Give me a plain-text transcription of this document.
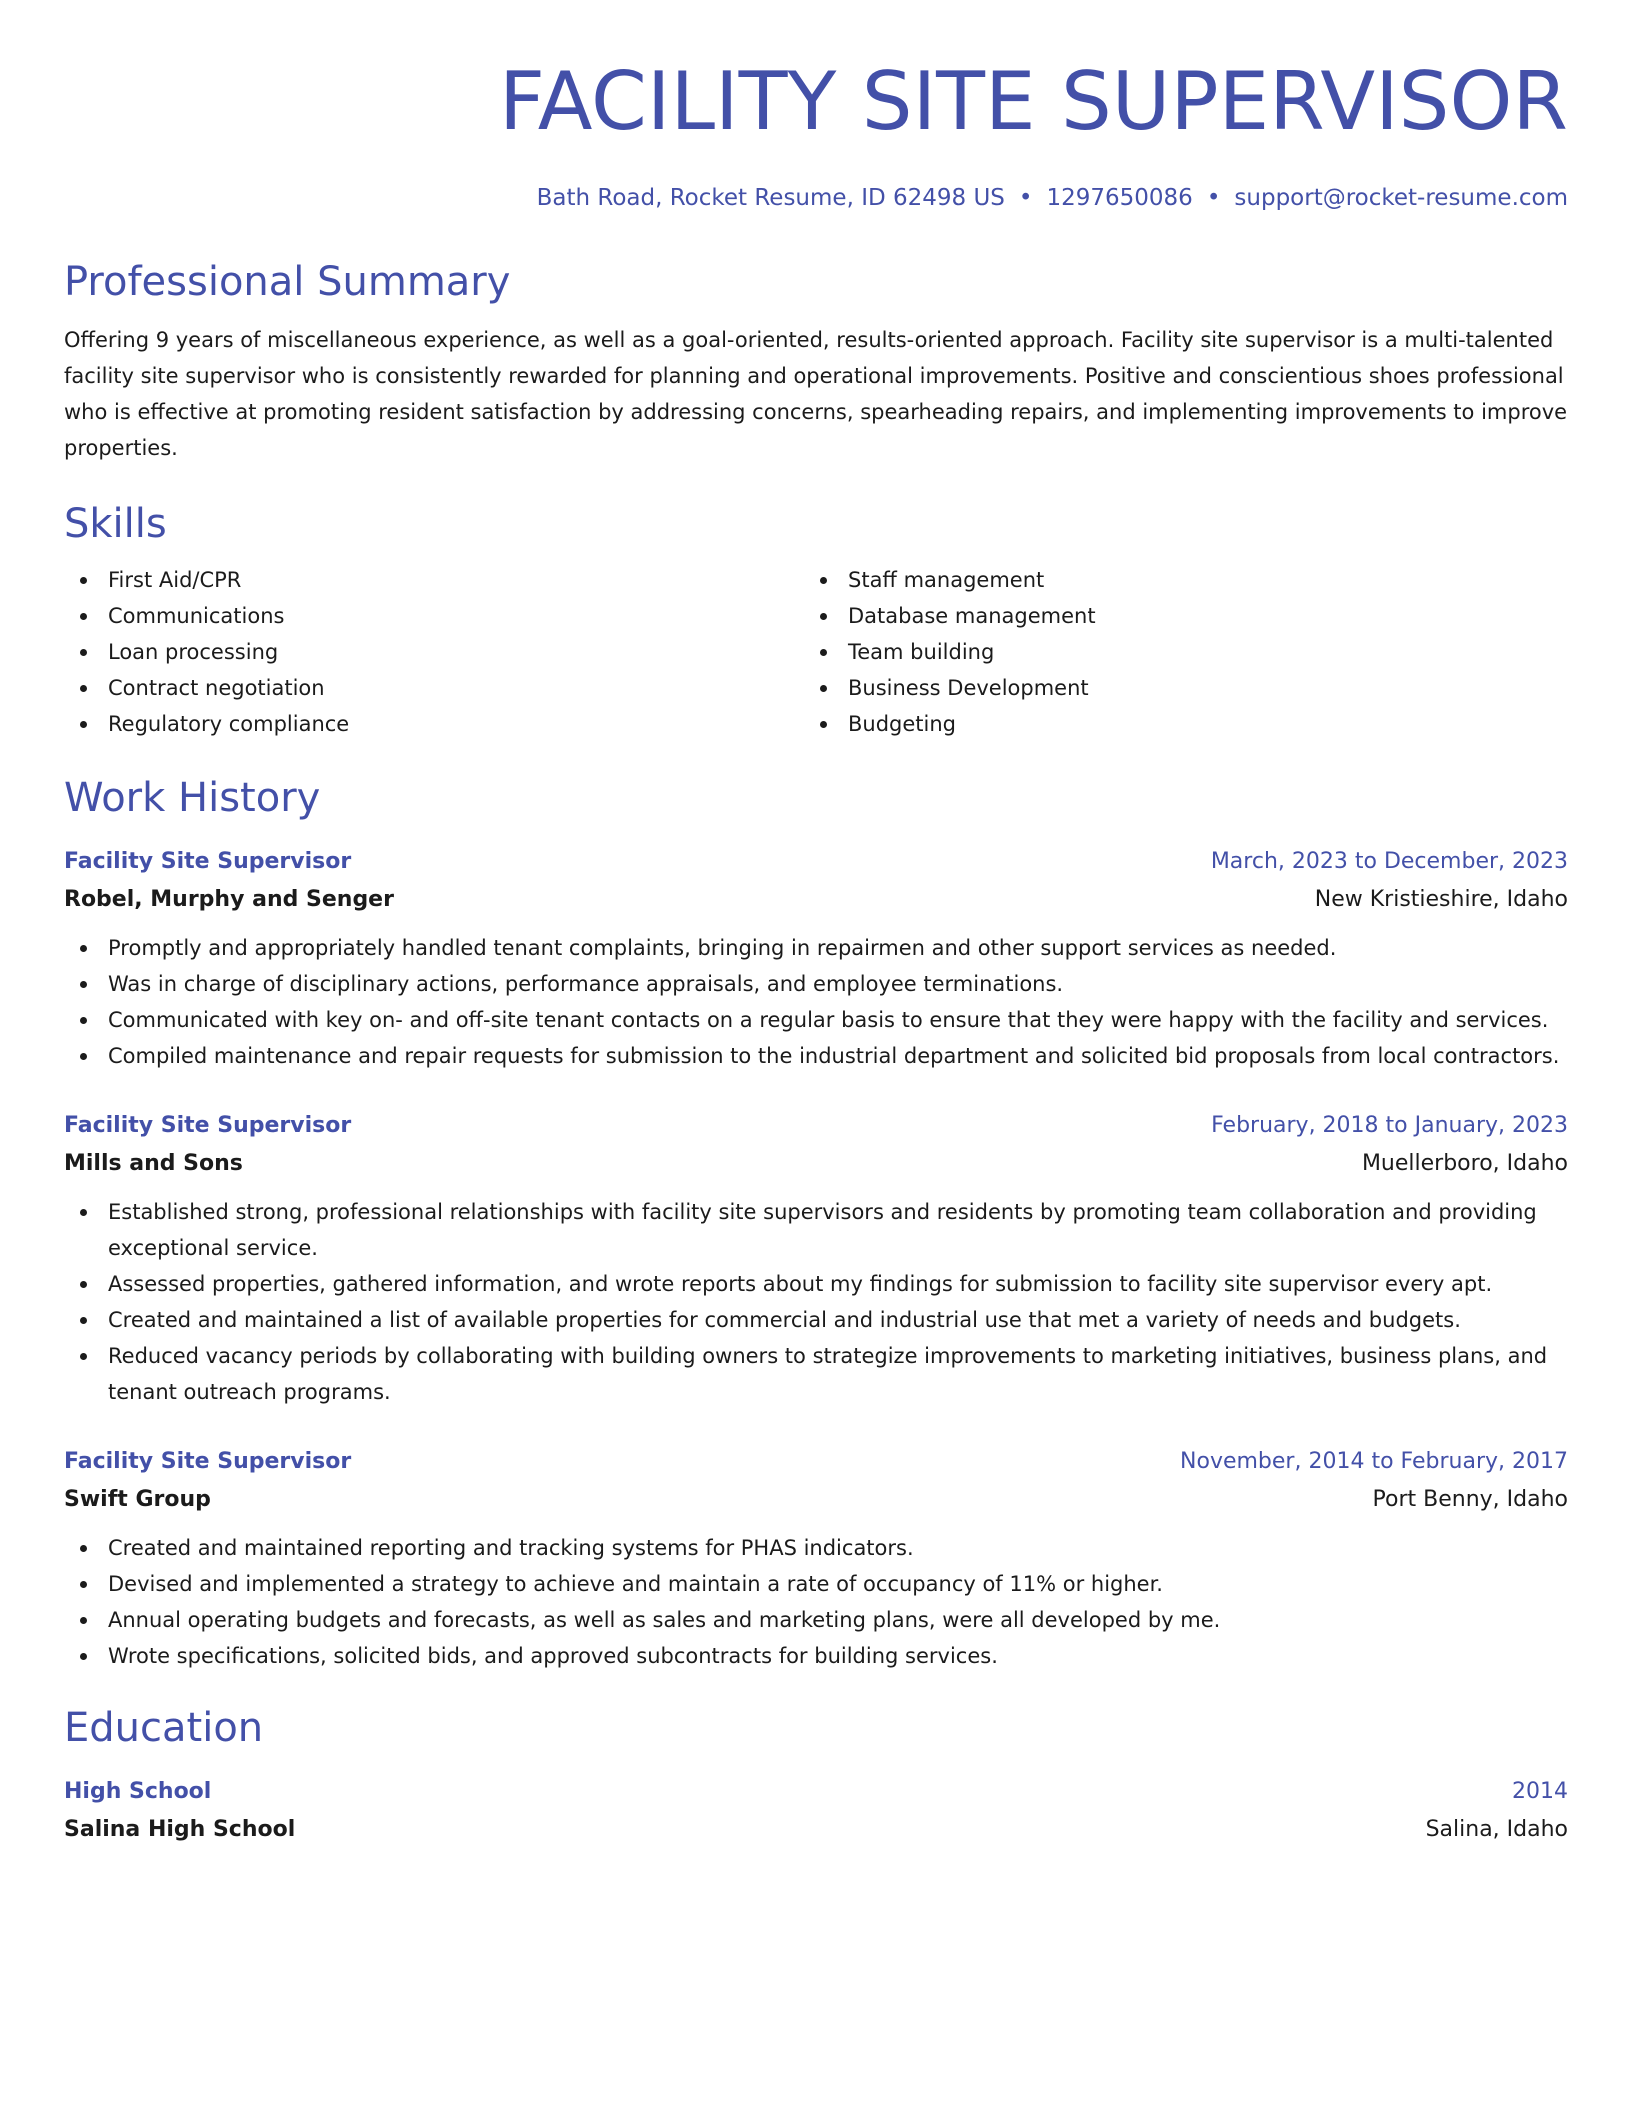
FACILITY SITE SUPERVISOR
Bath Road, Rocket Resume, ID 62498 US • 1297650086 • support@rocket-resume.com
Professional Summary
Offering 9 years of miscellaneous experience, as well as a goal-oriented, results-oriented approach. Facility site supervisor is a multi-talented facility site supervisor who is consistently rewarded for planning and operational improvements. Positive and conscientious shoes professional who is effective at promoting resident satisfaction by addressing concerns, spearheading repairs, and implementing improvements to improve properties.
Skills
First Aid/CPR
Communications
Loan processing
Contract negotiation
Regulatory compliance
Staff management
Database management
Team building
Business Development
Budgeting
Work History
Facility Site Supervisor	March, 2023 to December, 2023
Robel, Murphy and Senger	New Kristieshire, Idaho
Promptly and appropriately handled tenant complaints, bringing in repairmen and other support services as needed.
Was in charge of disciplinary actions, performance appraisals, and employee terminations.
Communicated with key on- and off-site tenant contacts on a regular basis to ensure that they were happy with the facility and services.
Compiled maintenance and repair requests for submission to the industrial department and solicited bid proposals from local contractors.
Facility Site Supervisor	February, 2018 to January, 2023
Mills and Sons	Muellerboro, Idaho
Established strong, professional relationships with facility site supervisors and residents by promoting team collaboration and providing exceptional service.
Assessed properties, gathered information, and wrote reports about my findings for submission to facility site supervisor every apt.
Created and maintained a list of available properties for commercial and industrial use that met a variety of needs and budgets.
Reduced vacancy periods by collaborating with building owners to strategize improvements to marketing initiatives, business plans, and tenant outreach programs.
Facility Site Supervisor	November, 2014 to February, 2017
Swift Group	Port Benny, Idaho
Created and maintained reporting and tracking systems for PHAS indicators.
Devised and implemented a strategy to achieve and maintain a rate of occupancy of 11% or higher.
Annual operating budgets and forecasts, as well as sales and marketing plans, were all developed by me.
Wrote specifications, solicited bids, and approved subcontracts for building services.
Education
High School	2014
Salina High School	Salina, Idaho
